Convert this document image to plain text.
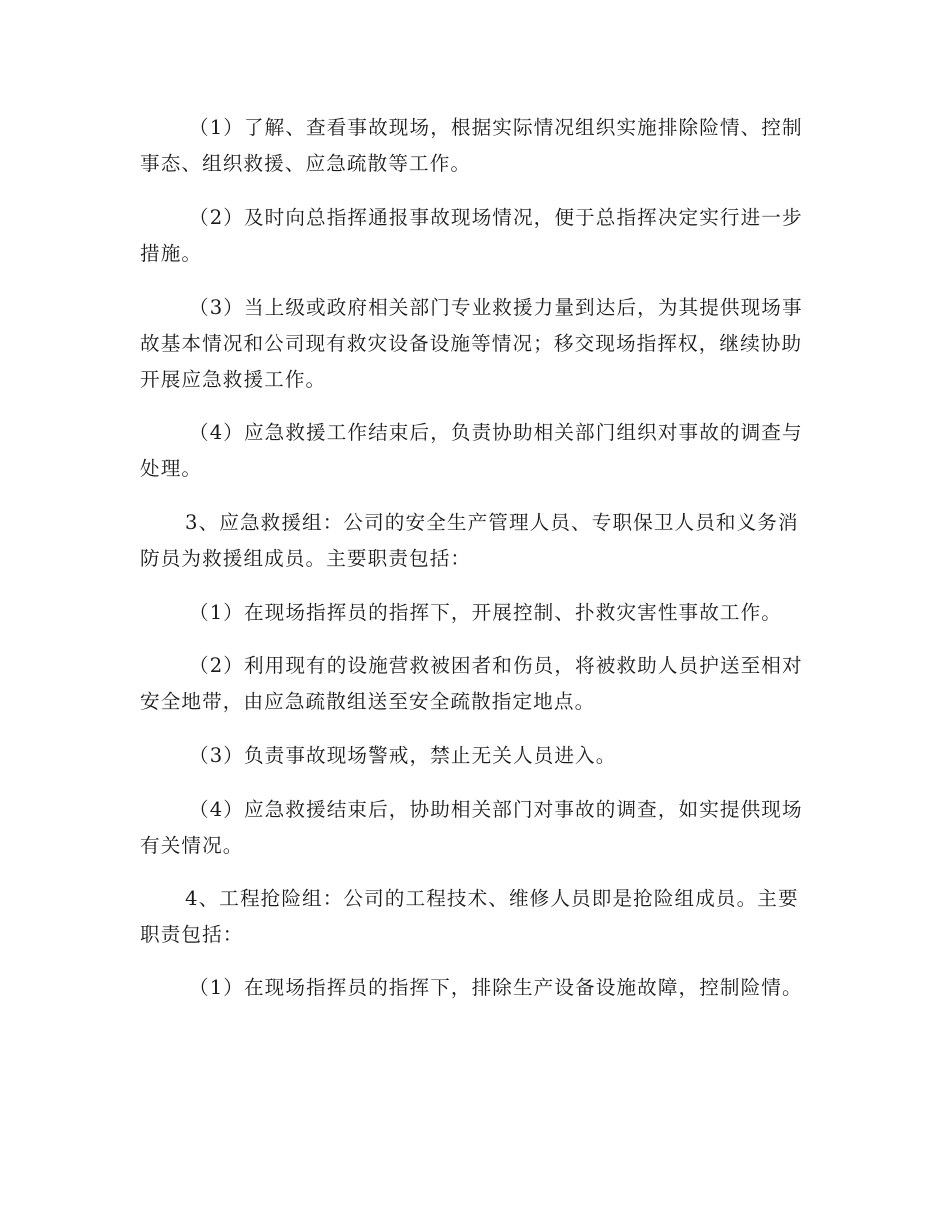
（1）了解、查看事故现场，根据实际情况组织实施排除险情、控制事态、组织救援、应急疏散等工作。

（2）及时向总指挥通报事故现场情况，便于总指挥决定实行进一步措施。

（3）当上级或政府相关部门专业救援力量到达后，为其提供现场事故基本情况和公司现有救灾设备设施等情况；移交现场指挥权，继续协助开展应急救援工作。

（4）应急救援工作结束后，负责协助相关部门组织对事故的调查与处理。

3、应急救援组：公司的安全生产管理人员、专职保卫人员和义务消防员为救援组成员。主要职责包括：

（1）在现场指挥员的指挥下，开展控制、扑救灾害性事故工作。

（2）利用现有的设施营救被困者和伤员，将被救助人员护送至相对安全地带，由应急疏散组送至安全疏散指定地点。

（3）负责事故现场警戒，禁止无关人员进入。

（4）应急救援结束后，协助相关部门对事故的调查，如实提供现场有关情况。

4、工程抢险组：公司的工程技术、维修人员即是抢险组成员。主要职责包括：

（1）在现场指挥员的指挥下，排除生产设备设施故障，控制险情。
